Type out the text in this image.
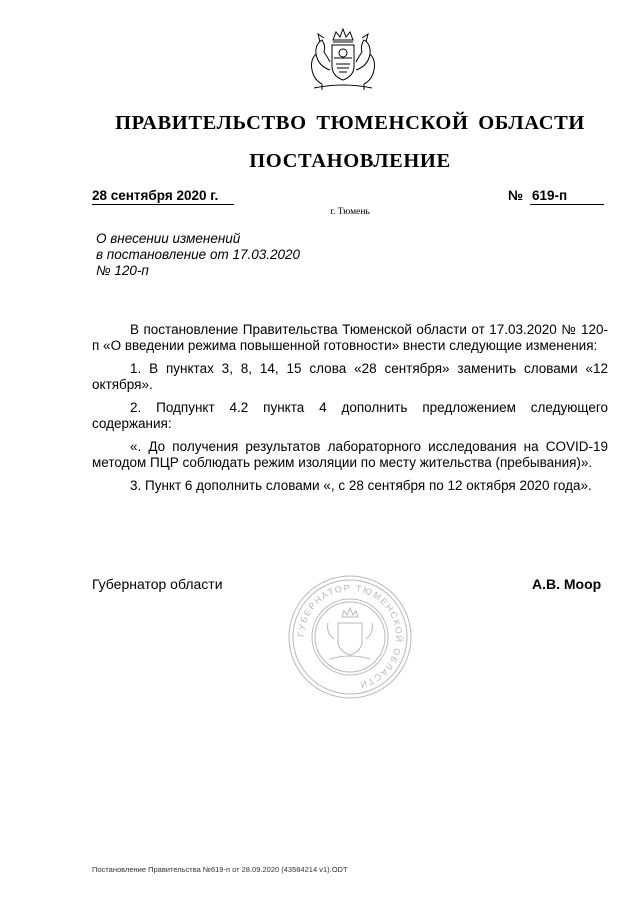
ПРАВИТЕЛЬСТВО ТЮМЕНСКОЙ ОБЛАСТИ
ПОСТАНОВЛЕНИЕ
28 сентября 2020 г.	№ 619-п
г. Тюмень
О внесении изменений
в постановление от 17.03.2020
№ 120-п

В постановление Правительства Тюменской области от 17.03.2020 № 120-п «О введении режима повышенной готовности» внести следующие изменения:

1. В пунктах 3, 8, 14, 15 слова «28 сентября» заменить словами «12 октября».

2. Подпункт 4.2 пункта 4 дополнить предложением следующего содержания:

«. До получения результатов лабораторного исследования на COVID-19 методом ПЦР соблюдать режим изоляции по месту жительства (пребывания)».

3. Пункт 6 дополнить словами «, с 28 сентября по 12 октября 2020 года».

ГУБЕРНАТОР ТЮМЕНСКОЙ ОБЛАСТИ
Губернатор области	А.В. Моор
Постановление Правительства №619-п от 28.09.2020 (43584214 v1).ODT
